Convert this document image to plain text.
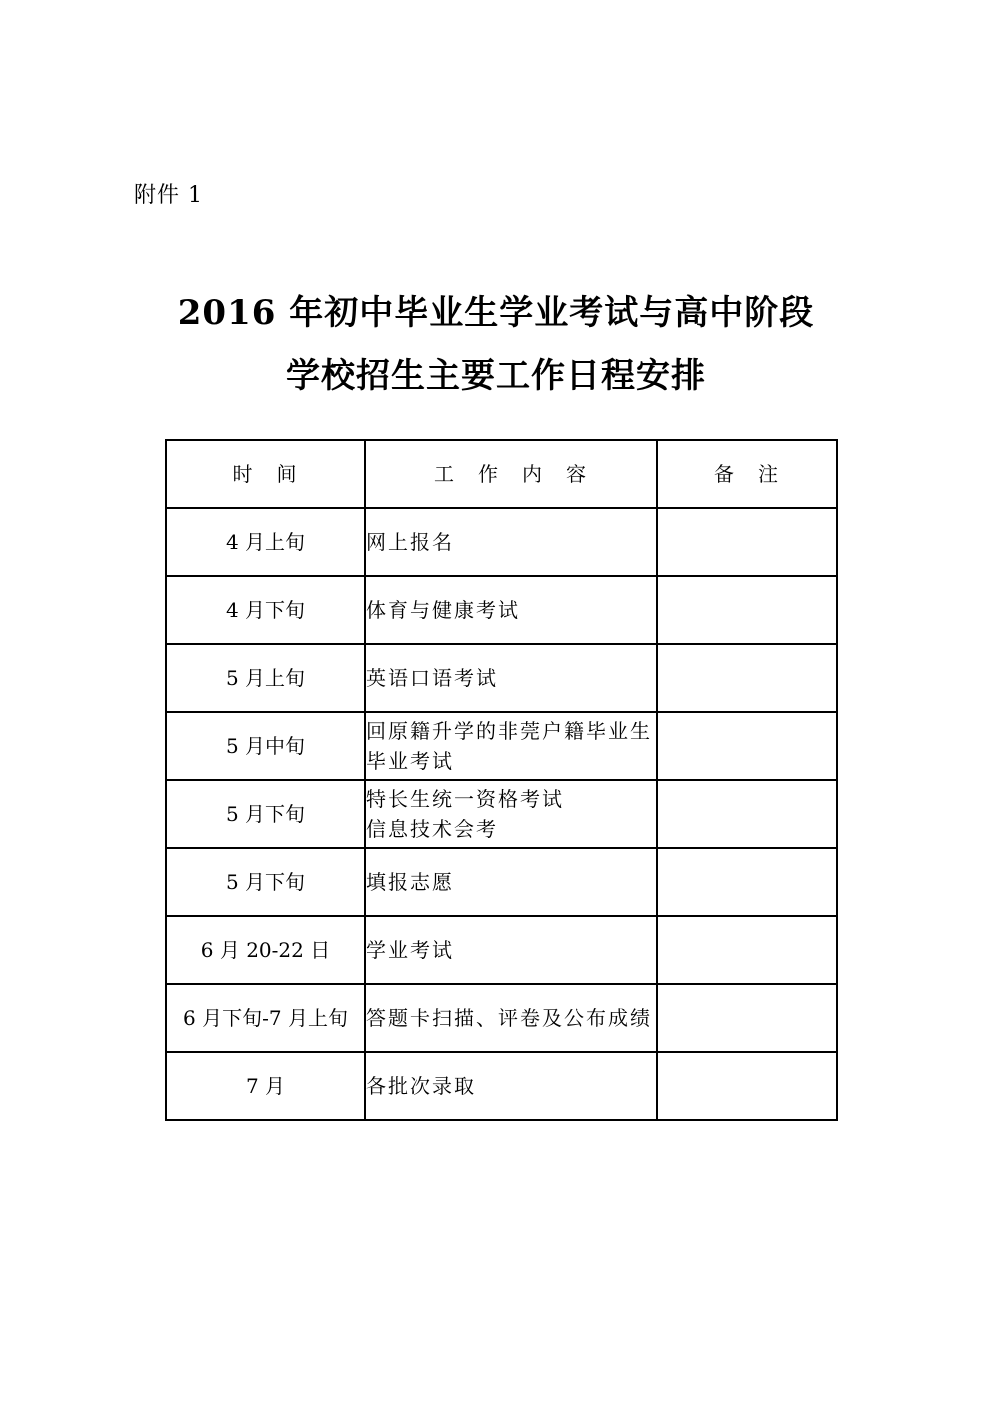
附件 1
2016 年初中毕业生学业考试与高中阶段
学校招生主要工作日程安排
时　间	工　作　内　容	备　注
4 月上旬	网上报名	
4 月下旬	体育与健康考试	
5 月上旬	英语口语考试	
5 月中旬	回原籍升学的非莞户籍毕业生毕业考试	
5 月下旬	特长生统一资格考试
信息技术会考	
5 月下旬	填报志愿	
6 月 20-22 日	学业考试	
6 月下旬-7 月上旬	答题卡扫描、评卷及公布成绩	
7 月	各批次录取	
